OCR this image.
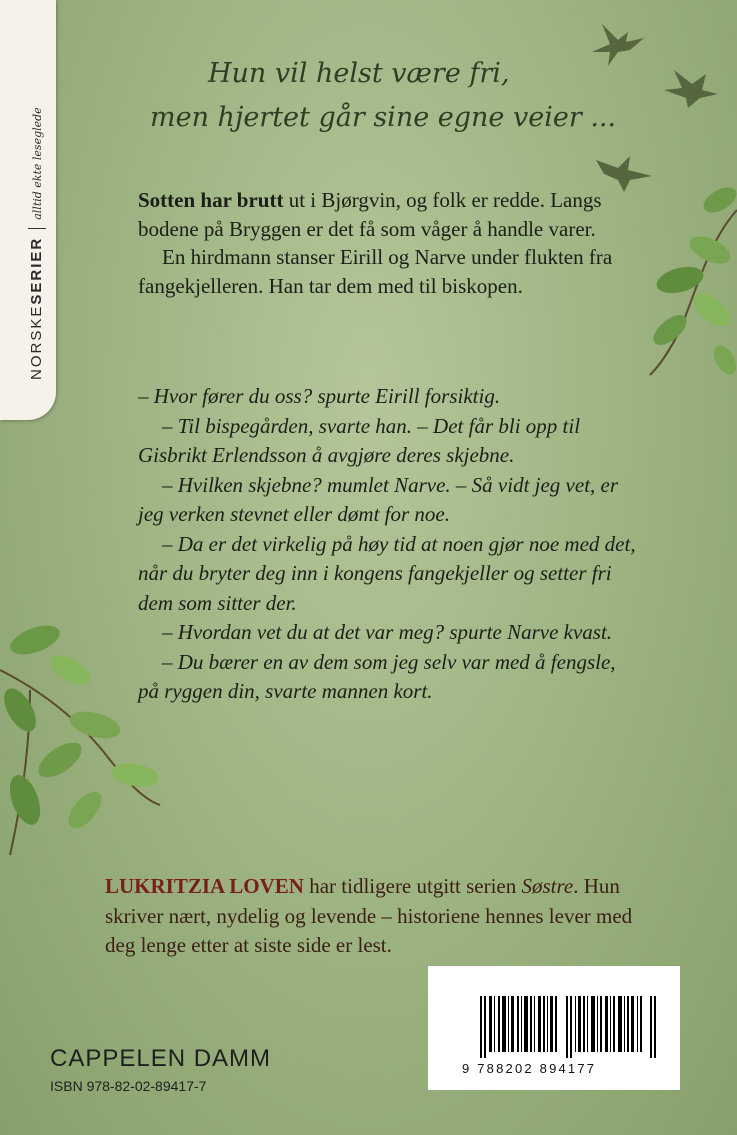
NORSKESERIERalltid ekte leseglede
Hun vil helst være fri,
men hjertet går sine egne veier ...

Sotten har brutt ut i Bjørgvin, og folk er redde. Langs bodene på Bryggen er det få som våger å handle varer.

En hirdmann stanser Eirill og Narve under flukten fra fangekjelleren. Han tar dem med til biskopen.

– Hvor fører du oss? spurte Eirill forsiktig.

– Til bispegården, svarte han. – Det får bli opp til Gisbrikt Erlendsson å avgjøre deres skjebne.

– Hvilken skjebne? mumlet Narve. – Så vidt jeg vet, er jeg verken stevnet eller dømt for noe.

– Da er det virkelig på høy tid at noen gjør noe med det, når du bryter deg inn i kongens fangekjeller og setter fri dem som sitter der.

– Hvordan vet du at det var meg? spurte Narve kvast.

– Du bærer en av dem som jeg selv var med å fengsle, på ryggen din, svarte mannen kort.

LUKRITZIA LOVEN har tidligere utgitt serien Søstre. Hun skriver nært, nydelig og levende – historiene hennes lever med deg lenge etter at siste side er lest.
CAPPELEN DAMM
ISBN 978-82-02-89417-7
9 788202 894177
